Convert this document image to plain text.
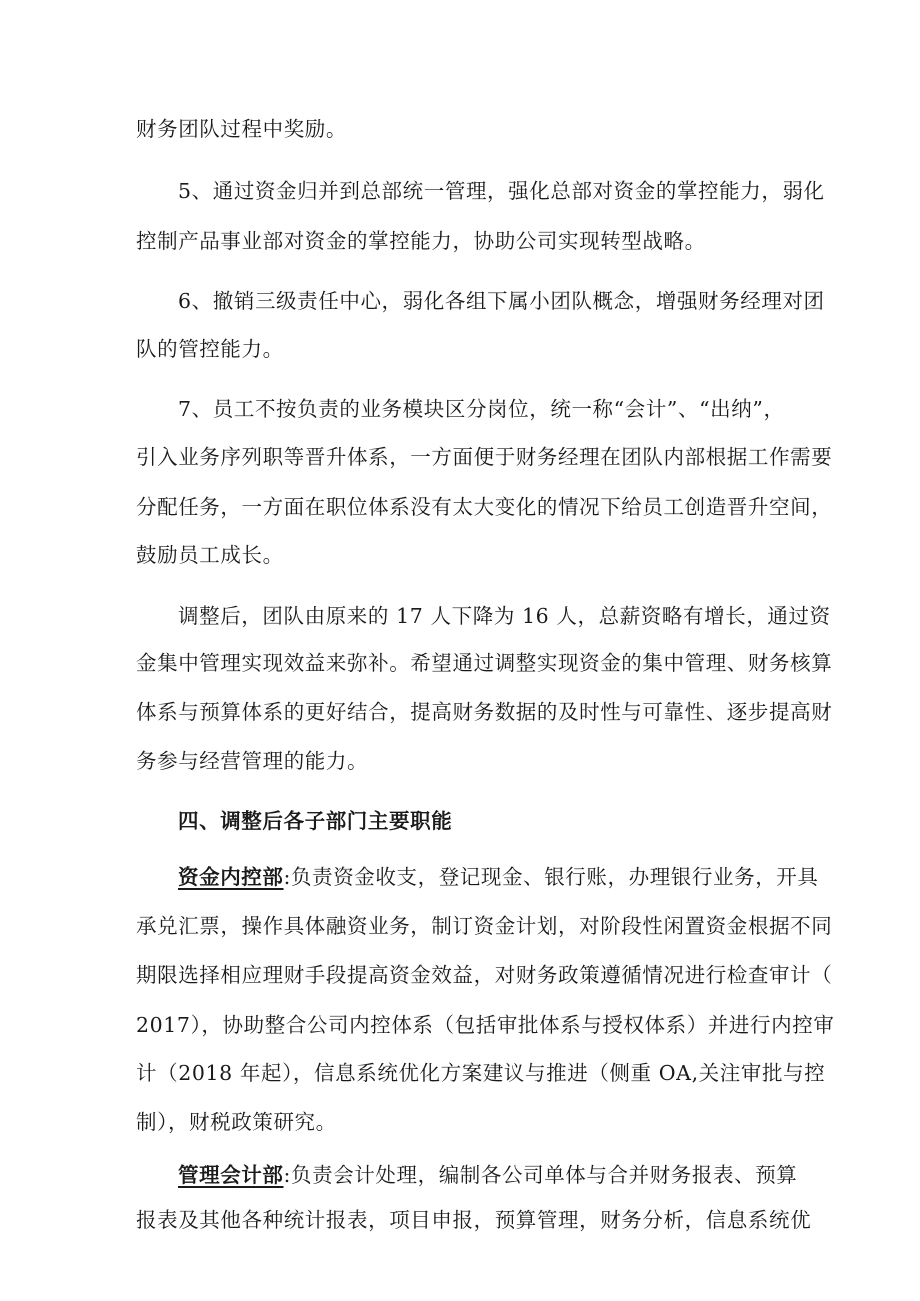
财务团队过程中奖励。
5、通过资金归并到总部统一管理，强化总部对资金的掌控能力，弱化
控制产品事业部对资金的掌控能力，协助公司实现转型战略。
6、撤销三级责任中心，弱化各组下属小团队概念，增强财务经理对团
队的管控能力。
7、员工不按负责的业务模块区分岗位，统一称“会计”、“出纳”，
引入业务序列职等晋升体系，一方面便于财务经理在团队内部根据工作需要
分配任务，一方面在职位体系没有太大变化的情况下给员工创造晋升空间，
鼓励员工成长。
调整后，团队由原来的 17 人下降为 16 人，总薪资略有增长，通过资
金集中管理实现效益来弥补。希望通过调整实现资金的集中管理、财务核算
体系与预算体系的更好结合，提高财务数据的及时性与可靠性、逐步提高财
务参与经营管理的能力。
四、调整后各子部门主要职能
资金内控部:负责资金收支，登记现金、银行账，办理银行业务，开具
承兑汇票，操作具体融资业务，制订资金计划，对阶段性闲置资金根据不同
期限选择相应理财手段提高资金效益，对财务政策遵循情况进行检查审计（
2017），协助整合公司内控体系（包括审批体系与授权体系）并进行内控审
计（2018 年起），信息系统优化方案建议与推进（侧重 OA,关注审批与控
制），财税政策研究。
管理会计部:负责会计处理，编制各公司单体与合并财务报表、预算
报表及其他各种统计报表，项目申报，预算管理，财务分析，信息系统优
